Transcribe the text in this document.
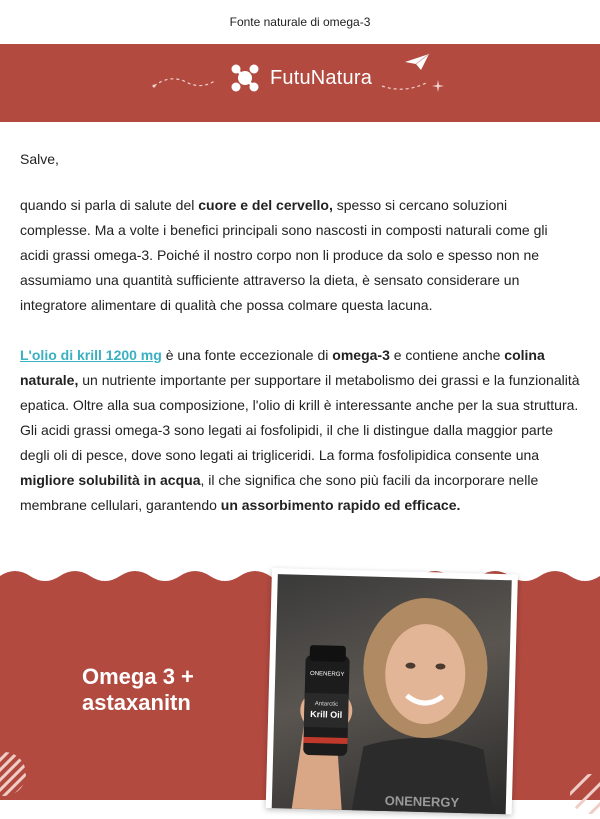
Fonte naturale di omega-3
FutuNatura

Salve,

quando si parla di salute del cuore e del cervello, spesso si cercano soluzioni complesse. Ma a volte i benefici principali sono nascosti in composti naturali come gli acidi grassi omega-3. Poiché il nostro corpo non li produce da solo e spesso non ne assumiamo una quantità sufficiente attraverso la dieta, è sensato considerare un integratore alimentare di qualità che possa colmare questa lacuna.

L'olio di krill 1200 mg è una fonte eccezionale di omega-3 e contiene anche colina naturale, un nutriente importante per supportare il metabolismo dei grassi e la funzionalità epatica. Oltre alla sua composizione, l'olio di krill è interessante anche per la sua struttura. Gli acidi grassi omega-3 sono legati ai fosfolipidi, il che li distingue dalla maggior parte degli oli di pesce, dove sono legati ai trigliceridi. La forma fosfolipidica consente una migliore solubilità in acqua, il che significa che sono più facili da incorporare nelle membrane cellulari, garantendo un assorbimento rapido ed efficace.

Omega 3 +
astaxanitn
ONENERGY
Antarctic
Krill Oil
ONENERGY
